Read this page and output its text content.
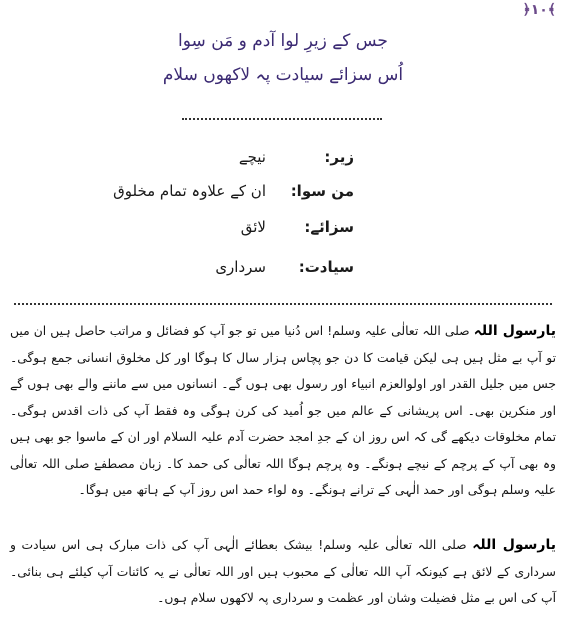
﴿۱۰﴾
جس کے زیرِ لوا آدم و مَن سِوا
اُس سزائے سیادت پہ لاکھوں سلام
زیر:
نیچے
من سوا:
ان کے علاوہ تمام مخلوق
سزائے:
لائق
سیادت:
سرداری
یارسول اللہ صلی اللہ تعالٰی علیہ وسلم! اس دُنیا میں تو جو آپ کو فضائل و مراتب حاصل ہیں ان میں تو آپ بے مثل ہیں ہی لیکن قیامت کا دن جو پچاس ہزار سال کا ہوگا اور کل مخلوق انسانی جمع ہوگی۔ جس میں جلیل القدر اور اولوالعزم انبیاء اور رسول بھی ہوں گے۔ انسانوں میں سے ماننے والے بھی ہوں گے اور منکرین بھی۔ اس پریشانی کے عالم میں جو اُمید کی کرن ہوگی وہ فقط آپ کی ذات اقدس ہوگی۔ تمام مخلوقات دیکھے گی کہ اس روز ان کے جدِ امجد حضرت آدم علیہ السلام اور ان کے ماسوا جو بھی ہیں وہ بھی آپ کے پرچم کے نیچے ہونگے۔ وہ پرچم ہوگا اللہ تعالٰی کی حمد کا۔ زبان مصطفےٰ صلی اللہ تعالٰی علیہ وسلم ہوگی اور حمد الٰہی کے ترانے ہونگے۔ وہ لواء حمد اس روز آپ کے ہاتھ میں ہوگا۔
یارسول اللہ صلی اللہ تعالٰی علیہ وسلم! بیشک بعطائے الٰہی آپ کی ذات مبارک ہی اس سیادت و سرداری کے لائق ہے کیونکہ آپ اللہ تعالٰی کے محبوب ہیں اور اللہ تعالٰی نے یہ کائنات آپ کیلئے ہی بنائی۔ آپ کی اس بے مثل فضیلت وشان اور عظمت و سرداری پہ لاکھوں سلام ہوں۔
